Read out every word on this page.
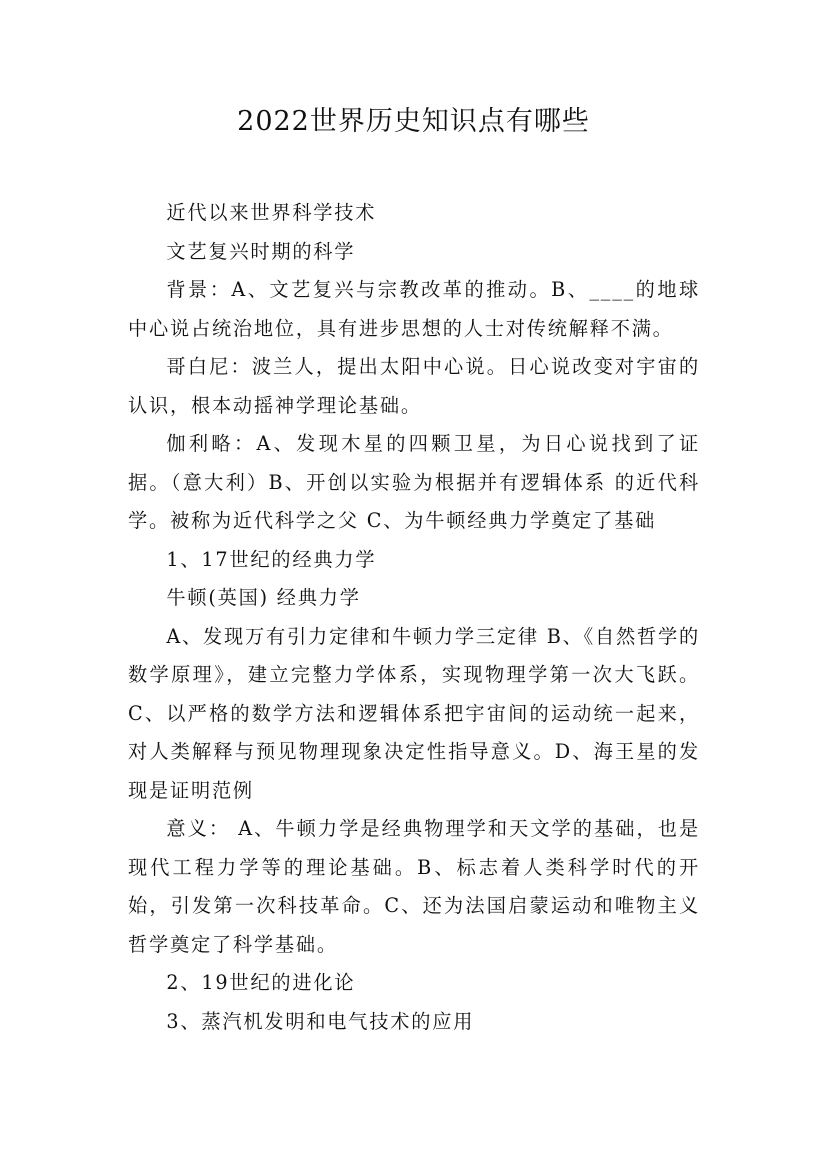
2022世界历史知识点有哪些

近代以来世界科学技术

文艺复兴时期的科学

背景：A、文艺复兴与宗教改革的推动。B、____的地球中心说占统治地位，具有进步思想的人士对传统解释不满。

哥白尼：波兰人，提出太阳中心说。日心说改变对宇宙的认识，根本动摇神学理论基础。

伽利略：A、发现木星的四颗卫星，为日心说找到了证据。（意大利）B、开创以实验为根据并有逻辑体系 的近代科学。被称为近代科学之父 C、为牛顿经典力学奠定了基础

1、17世纪的经典力学

牛顿(英国) 经典力学

A、发现万有引力定律和牛顿力学三定律 B、《自然哲学的数学原理》，建立完整力学体系，实现物理学第一次大飞跃。C、以严格的数学方法和逻辑体系把宇宙间的运动统一起来，对人类解释与预见物理现象决定性指导意义。D、海王星的发现是证明范例

意义： A、牛顿力学是经典物理学和天文学的基础，也是现代工程力学等的理论基础。B、标志着人类科学时代的开始，引发第一次科技革命。C、还为法国启蒙运动和唯物主义哲学奠定了科学基础。

2、19世纪的进化论

3、蒸汽机发明和电气技术的应用
